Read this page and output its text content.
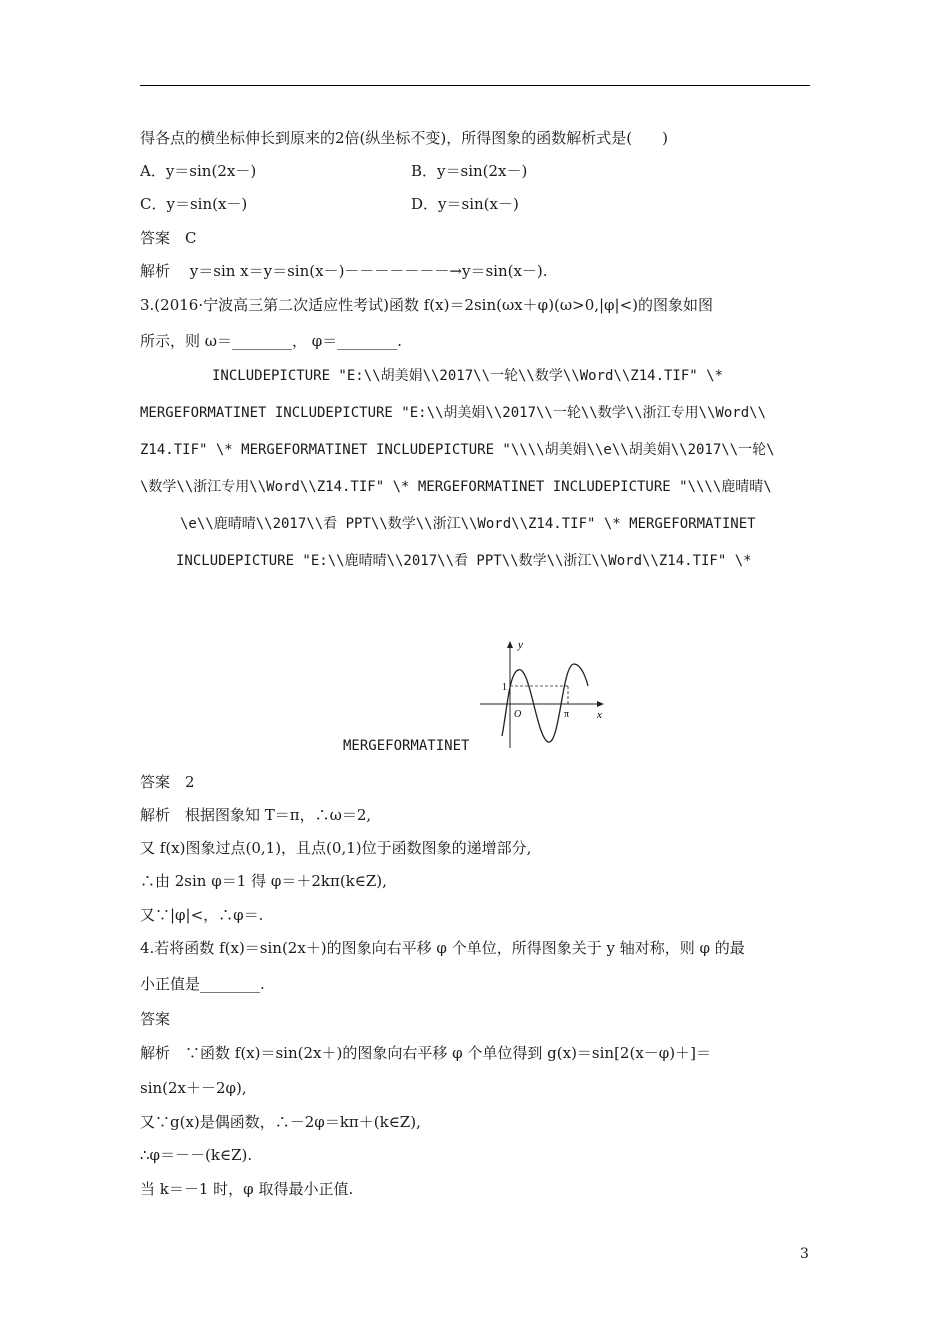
得各点的横坐标伸长到原来的2倍(纵坐标不变)，所得图象的函数解析式是(　　)
A．y＝sin(2x－)	B．y＝sin(2x－)
C．y＝sin(x－)	D．y＝sin(x－)
答案　C
解析　 y＝sin x＝y＝sin(x－)－－－－－－－→y＝sin(x－).
3.(2016·宁波高三第二次适应性考试)函数 f(x)＝2sin(ωx＋φ)(ω>0,|φ|<)的图象如图
所示，则 ω＝________， φ＝________.
INCLUDEPICTURE "E:\\胡美娟\\2017\\一轮\\数学\\Word\\Z14.TIF" \*
MERGEFORMATINET INCLUDEPICTURE "E:\\胡美娟\\2017\\一轮\\数学\\浙江专用\\Word\\
Z14.TIF" \* MERGEFORMATINET INCLUDEPICTURE "\\\\胡美娟\\e\\胡美娟\\2017\\一轮\
\数学\\浙江专用\\Word\\Z14.TIF" \* MERGEFORMATINET INCLUDEPICTURE "\\\\鹿晴晴\
\e\\鹿晴晴\\2017\\看 PPT\\数学\\浙江\\Word\\Z14.TIF" \* MERGEFORMATINET
INCLUDEPICTURE "E:\\鹿晴晴\\2017\\看 PPT\\数学\\浙江\\Word\\Z14.TIF" \*
MERGEFORMATINET
y
x
O
1
π
答案　2
解析　根据图象知 T＝π，∴ω＝2,
又 f(x)图象过点(0,1)，且点(0,1)位于函数图象的递增部分,
∴由 2sin φ＝1 得 φ＝＋2kπ(k∈Z),
又∵|φ|<，∴φ＝.
4.若将函数 f(x)＝sin(2x＋)的图象向右平移 φ 个单位，所得图象关于 y 轴对称，则 φ 的最
小正值是________.
答案
解析　∵函数 f(x)＝sin(2x＋)的图象向右平移 φ 个单位得到 g(x)＝sin[2(x－φ)＋]＝
sin(2x＋－2φ),
又∵g(x)是偶函数，∴－2φ＝kπ＋(k∈Z),
∴φ＝－－(k∈Z).
当 k＝－1 时，φ 取得最小正值.
3
